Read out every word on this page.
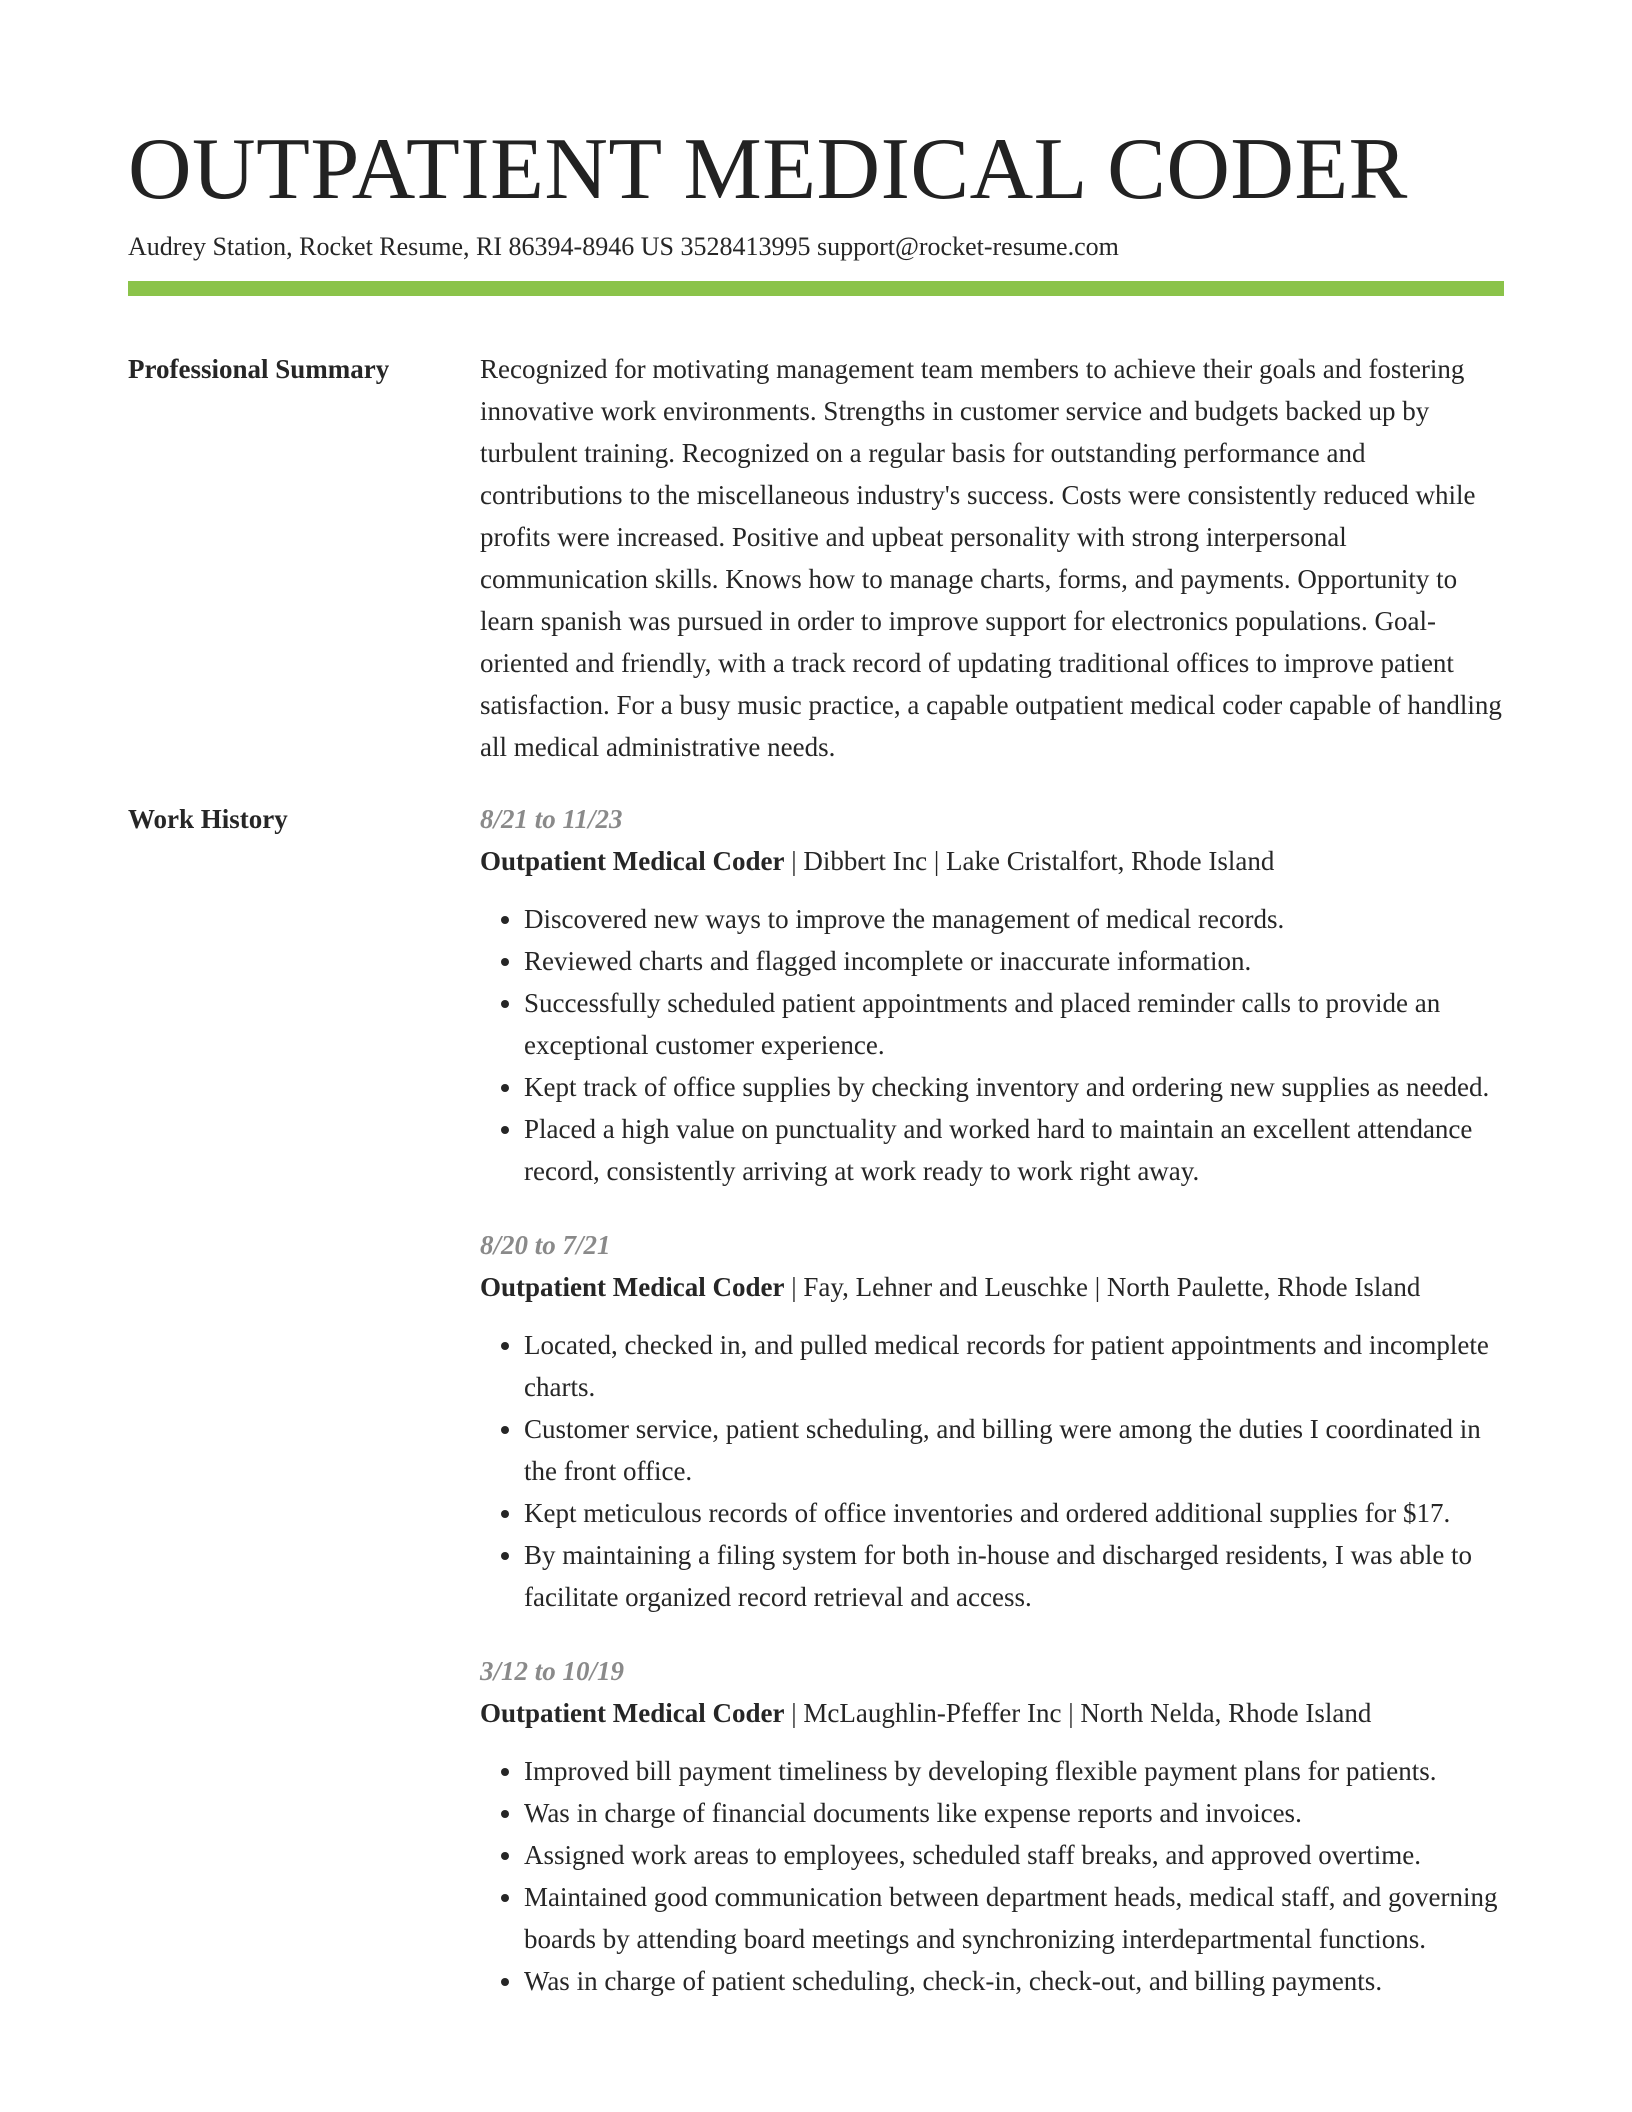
OUTPATIENT MEDICAL CODER
Audrey Station, Rocket Resume, RI 86394-8946 US 3528413995 support@rocket-resume.com
Professional Summary	Recognized for motivating management team members to achieve their goals and fostering innovative work environments. Strengths in customer service and budgets backed up by turbulent training. Recognized on a regular basis for outstanding performance and contributions to the miscellaneous industry's success. Costs were consistently reduced while profits were increased. Positive and upbeat personality with strong interpersonal communication skills. Knows how to manage charts, forms, and payments. Opportunity to learn spanish was pursued in order to improve support for electronics populations. Goal-oriented and friendly, with a track record of updating traditional offices to improve patient satisfaction. For a busy music practice, a capable outpatient medical coder capable of handling all medical administrative needs.

Work History	8/21 to 11/23
Outpatient Medical Coder | Dibbert Inc | Lake Cristalfort, Rhode Island
• Discovered new ways to improve the management of medical records.
• Reviewed charts and flagged incomplete or inaccurate information.
• Successfully scheduled patient appointments and placed reminder calls to provide an exceptional customer experience.
• Kept track of office supplies by checking inventory and ordering new supplies as needed.
• Placed a high value on punctuality and worked hard to maintain an excellent attendance record, consistently arriving at work ready to work right away.
8/20 to 7/21
Outpatient Medical Coder | Fay, Lehner and Leuschke | North Paulette, Rhode Island
• Located, checked in, and pulled medical records for patient appointments and incomplete charts.
• Customer service, patient scheduling, and billing were among the duties I coordinated in the front office.
• Kept meticulous records of office inventories and ordered additional supplies for $17.
• By maintaining a filing system for both in-house and discharged residents, I was able to facilitate organized record retrieval and access.
3/12 to 10/19
Outpatient Medical Coder | McLaughlin-Pfeffer Inc | North Nelda, Rhode Island
• Improved bill payment timeliness by developing flexible payment plans for patients.
• Was in charge of financial documents like expense reports and invoices.
• Assigned work areas to employees, scheduled staff breaks, and approved overtime.
• Maintained good communication between department heads, medical staff, and governing boards by attending board meetings and synchronizing interdepartmental functions.
• Was in charge of patient scheduling, check-in, check-out, and billing payments.
